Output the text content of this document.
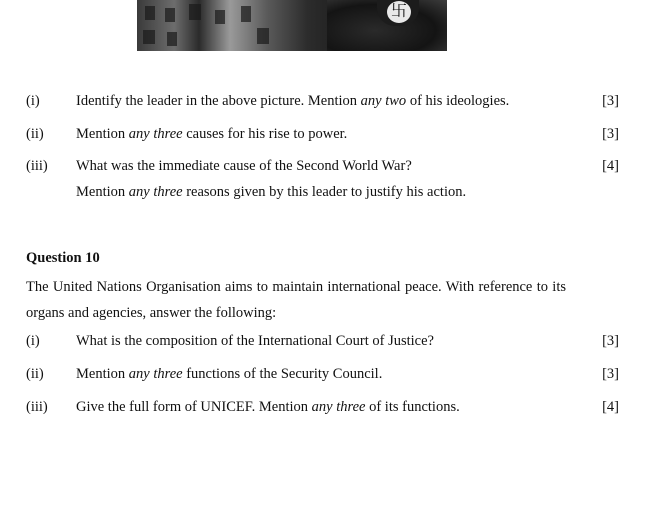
卐
(i)	Identify the leader in the above picture. Mention any two of his ideologies.	[3]
(ii) Mention any three causes for his rise to power.	[3]
(iii) What was the immediate cause of the Second World War?	[4]
Mention any three reasons given by this leader to justify his action.
Question 10
The United Nations Organisation aims to maintain international peace. With reference to its organs and agencies, answer the following:
(i)	What is the composition of the International Court of Justice?	[3]
(ii) Mention any three functions of the Security Council.	[3]
(iii) Give the full form of UNICEF. Mention any three of its functions.	[4]
